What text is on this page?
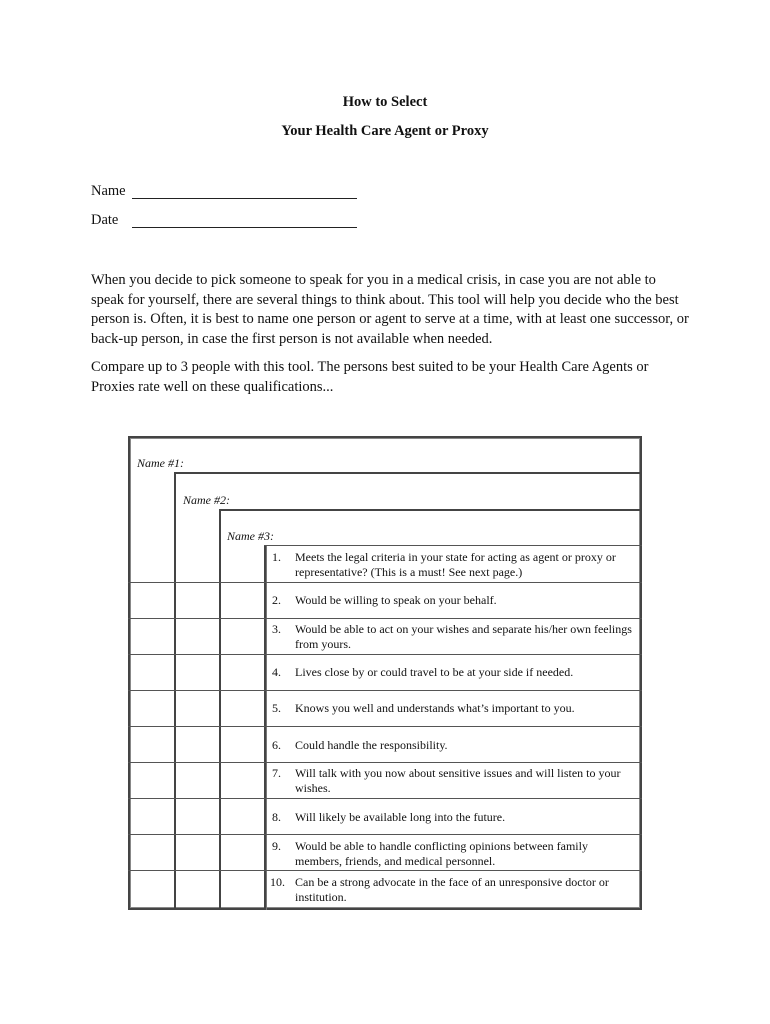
How to Select
Your Health Care Agent or Proxy
Name
Date
When you decide to pick someone to speak for you in a medical crisis, in case you are not able to speak for yourself, there are several things to think about. This tool will help you decide who the best person is. Often, it is best to name one person or agent to serve at a time, with at least one successor, or back-up person, in case the first person is not available when needed.
Compare up to 3 people with this tool. The persons best suited to be your Health Care Agents or Proxies rate well on these qualifications...
Name #1:
Name #2:
Name #3:
1. Meets the legal criteria in your state for acting as agent or proxy or representative? (This is a must! See next page.)
2. Would be willing to speak on your behalf.
3. Would be able to act on your wishes and separate his/her own feelings from yours.
4. Lives close by or could travel to be at your side if needed.
5. Knows you well and understands what’s important to you.
6. Could handle the responsibility.
7. Will talk with you now about sensitive issues and will listen to your wishes.
8. Will likely be available long into the future.
9. Would be able to handle conflicting opinions between family members, friends, and medical personnel.
10. Can be a strong advocate in the face of an unresponsive doctor or institution.
